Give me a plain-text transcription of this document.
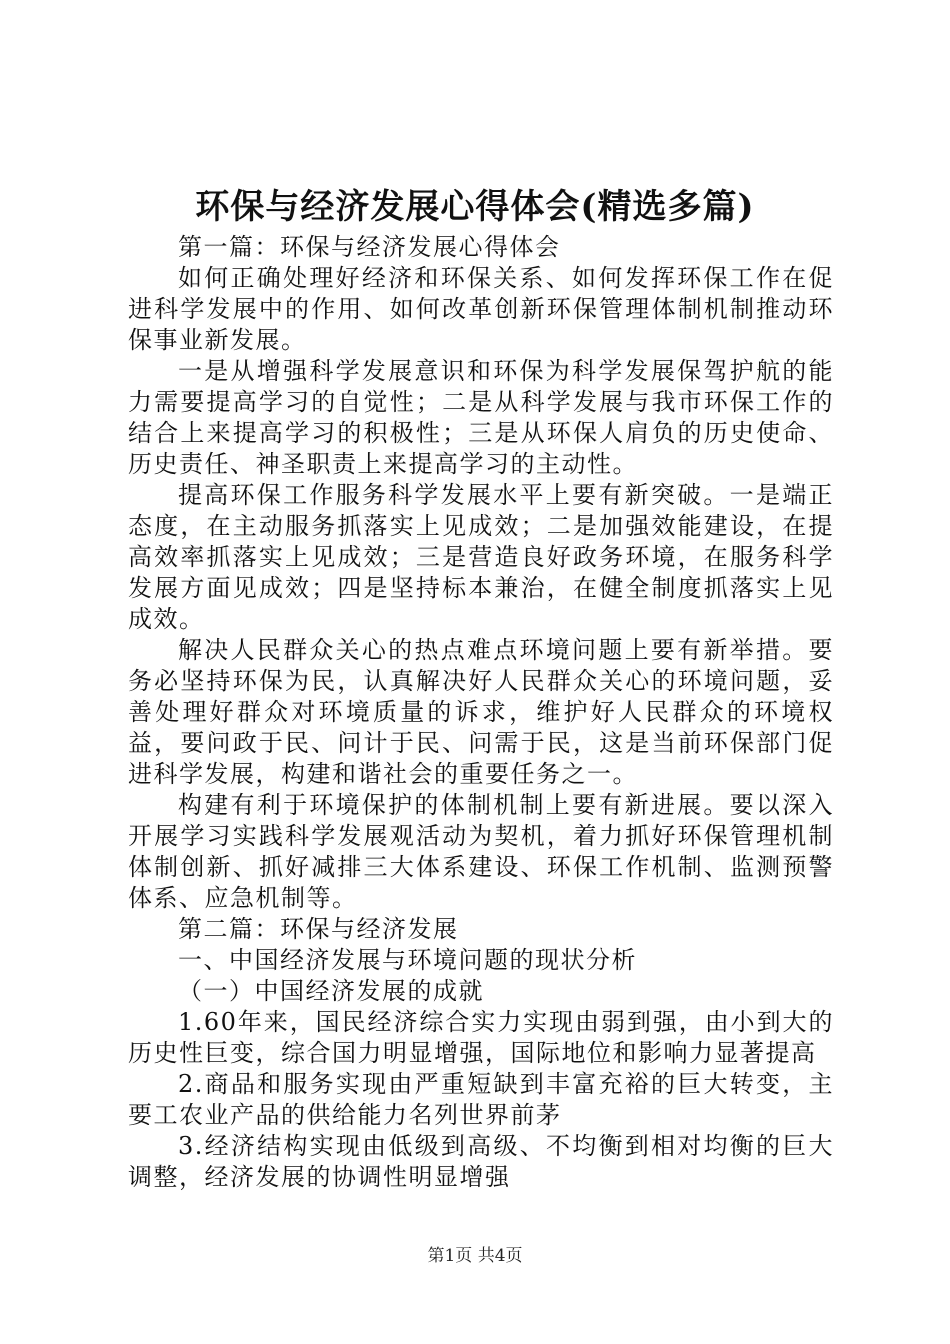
环保与经济发展心得体会(精选多篇)

第一篇：环保与经济发展心得体会

如何正确处理好经济和环保关系、如何发挥环保工作在促进科学发展中的作用、如何改革创新环保管理体制机制推动环保事业新发展。

一是从增强科学发展意识和环保为科学发展保驾护航的能力需要提高学习的自觉性；二是从科学发展与我市环保工作的结合上来提高学习的积极性；三是从环保人肩负的历史使命、历史责任、神圣职责上来提高学习的主动性。

提高环保工作服务科学发展水平上要有新突破。一是端正态度，在主动服务抓落实上见成效；二是加强效能建设，在提高效率抓落实上见成效；三是营造良好政务环境，在服务科学发展方面见成效；四是坚持标本兼治，在健全制度抓落实上见成效。

解决人民群众关心的热点难点环境问题上要有新举措。要务必坚持环保为民，认真解决好人民群众关心的环境问题，妥善处理好群众对环境质量的诉求，维护好人民群众的环境权益，要问政于民、问计于民、问需于民，这是当前环保部门促进科学发展，构建和谐社会的重要任务之一。

构建有利于环境保护的体制机制上要有新进展。要以深入开展学习实践科学发展观活动为契机，着力抓好环保管理机制体制创新、抓好减排三大体系建设、环保工作机制、监测预警体系、应急机制等。

第二篇：环保与经济发展

一、中国经济发展与环境问题的现状分析

（一）中国经济发展的成就

1.60年来，国民经济综合实力实现由弱到强，由小到大的历史性巨变，综合国力明显增强，国际地位和影响力显著提高

2.商品和服务实现由严重短缺到丰富充裕的巨大转变，主要工农业产品的供给能力名列世界前茅

3.经济结构实现由低级到高级、不均衡到相对均衡的巨大调整，经济发展的协调性明显增强

第1页 共4页
